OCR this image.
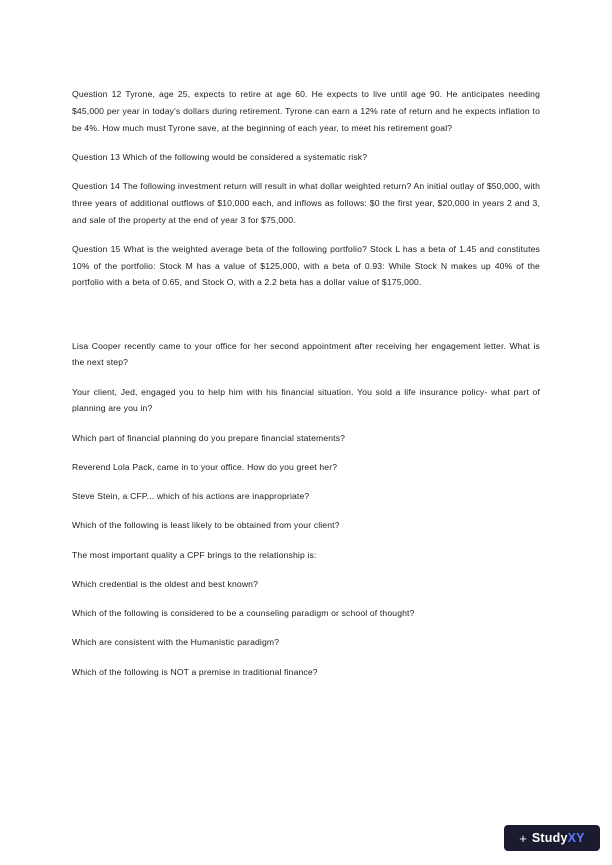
Question 12 Tyrone, age 25, expects to retire at age 60. He expects to live until age 90. He anticipates needing $45,000 per year in today's dollars during retirement. Tyrone can earn a 12% rate of return and he expects inflation to be 4%. How much must Tyrone save, at the beginning of each year, to meet his retirement goal?

Question 13 Which of the following would be considered a systematic risk?

Question 14 The following investment return will result in what dollar weighted return? An initial outlay of $50,000, with three years of additional outflows of $10,000 each, and inflows as follows: $0 the first year, $20,000 in years 2 and 3, and sale of the property at the end of year 3 for $75,000.

Question 15 What is the weighted average beta of the following portfolio? Stock L has a beta of 1.45 and constitutes 10% of the portfolio: Stock M has a value of $125,000, with a beta of 0.93: While Stock N makes up 40% of the portfolio with a beta of 0.65, and Stock O, with a 2.2 beta has a dollar value of $175,000.

Lisa Cooper recently came to your office for her second appointment after receiving her engagement letter. What is the next step?

Your client, Jed, engaged you to help him with his financial situation. You sold a life insurance policy- what part of planning are you in?

Which part of financial planning do you prepare financial statements?

Reverend Lola Pack, came in to your office. How do you greet her?

Steve Stein, a CFP... which of his actions are inappropriate?

Which of the following is least likely to be obtained from your client?

The most important quality a CPF brings to the relationship is:

Which credential is the oldest and best known?

Which of the following is considered to be a counseling paradigm or school of thought?

Which are consistent with the Humanistic paradigm?

Which of the following is NOT a premise in traditional finance?

+ StudyXY
